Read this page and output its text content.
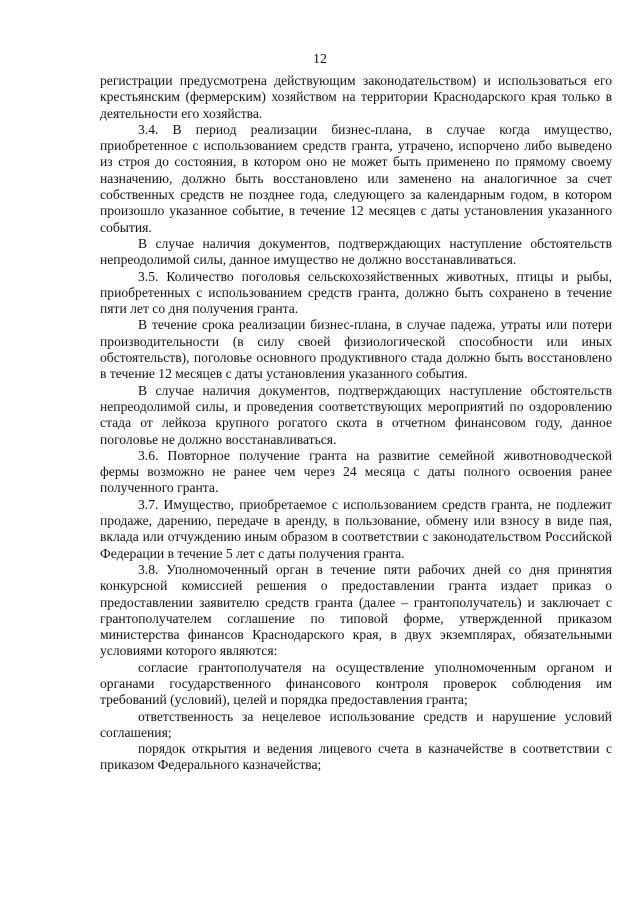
12

регистрации предусмотрена действующим законодательством) и использоваться его крестьянским (фермерским) хозяйством на территории Краснодарского края только в деятельности его хозяйства.

3.4. В период реализации бизнес-плана, в случае когда имущество, приобретенное с использованием средств гранта, утрачено, испорчено либо выведено из строя до состояния, в котором оно не может быть применено по прямому своему назначению, должно быть восстановлено или заменено на аналогичное за счет собственных средств не позднее года, следующего за календарным годом, в котором произошло указанное событие, в течение 12 месяцев с даты установления указанного события.

В случае наличия документов, подтверждающих наступление обстоятельств непреодолимой силы, данное имущество не должно восстанавливаться.

3.5. Количество поголовья сельскохозяйственных животных, птицы и рыбы, приобретенных с использованием средств гранта, должно быть сохранено в течение пяти лет со дня получения гранта.

В течение срока реализации бизнес-плана, в случае падежа, утраты или потери производительности (в силу своей физиологической способности или иных обстоятельств), поголовье основного продуктивного стада должно быть восстановлено в течение 12 месяцев с даты установления указанного события.

В случае наличия документов, подтверждающих наступление обстоятельств непреодолимой силы, и проведения соответствующих мероприятий по оздоровлению стада от лейкоза крупного рогатого скота в отчетном финансовом году, данное поголовье не должно восстанавливаться.

3.6. Повторное получение гранта на развитие семейной животноводческой фермы возможно не ранее чем через 24 месяца с даты полного освоения ранее полученного гранта.

3.7. Имущество, приобретаемое с использованием средств гранта, не подлежит продаже, дарению, передаче в аренду, в пользование, обмену или взносу в виде пая, вклада или отчуждению иным образом в соответствии с законодательством Российской Федерации в течение 5 лет с даты получения гранта.

3.8. Уполномоченный орган в течение пяти рабочих дней со дня принятия конкурсной комиссией решения о предоставлении гранта издает приказ о предоставлении заявителю средств гранта (далее – грантополучатель) и заключает с грантополучателем соглашение по типовой форме, утвержденной приказом министерства финансов Краснодарского края, в двух экземплярах, обязательными условиями которого являются:

согласие грантополучателя на осуществление уполномоченным органом и органами государственного финансового контроля проверок соблюдения им требований (условий), целей и порядка предоставления гранта;

ответственность за нецелевое использование средств и нарушение условий соглашения;

порядок открытия и ведения лицевого счета в казначействе в соответствии с приказом Федерального казначейства;
